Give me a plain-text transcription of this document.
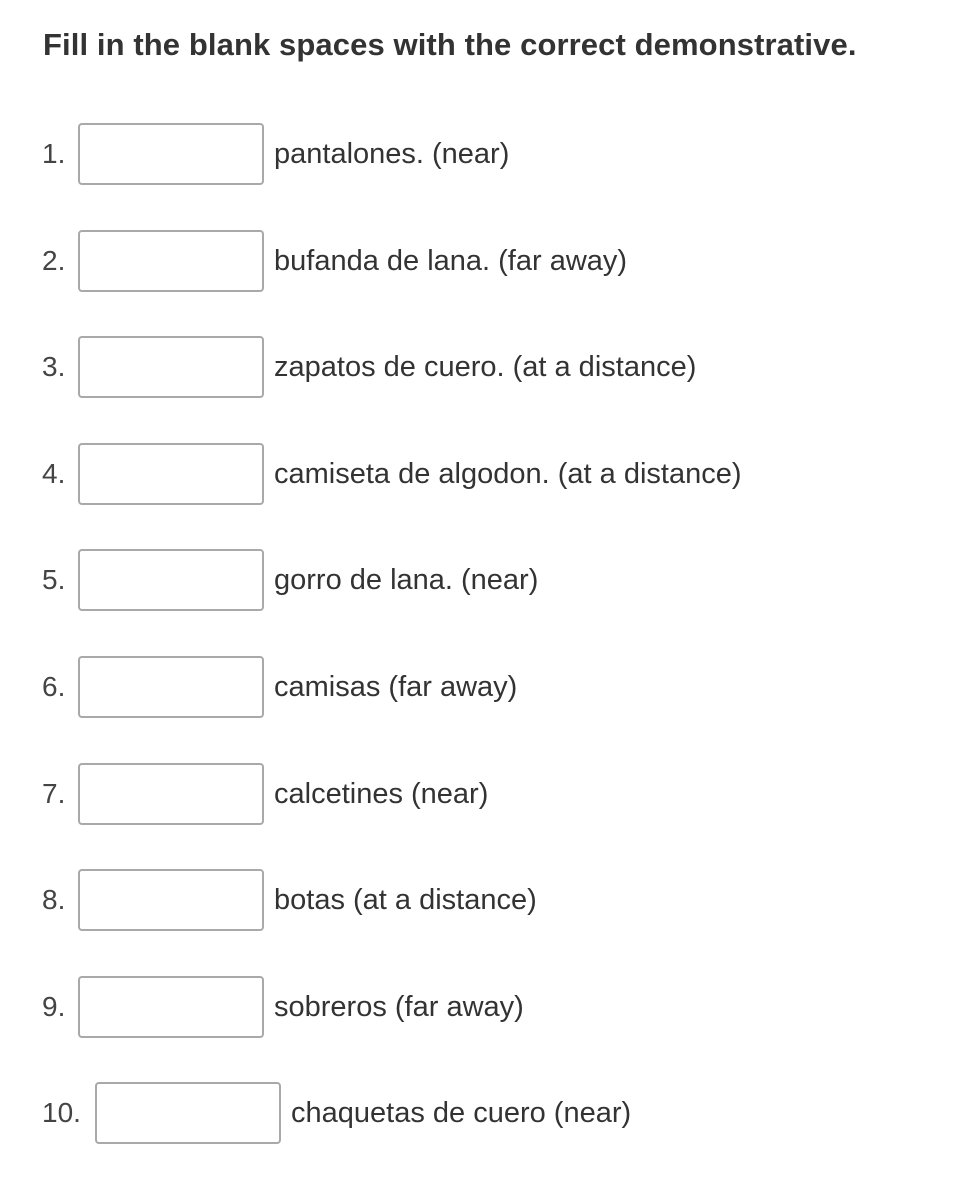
Fill in the blank spaces with the correct demonstrative.
1.	pantalones. (near)
2.	bufanda de lana. (far away)
3.	zapatos de cuero. (at a distance)
4.	camiseta de algodon. (at a distance)
5.	gorro de lana. (near)
6.	camisas (far away)
7.	calcetines (near)
8.	botas (at a distance)
9.	sobreros (far away)
10.	chaquetas de cuero (near)
